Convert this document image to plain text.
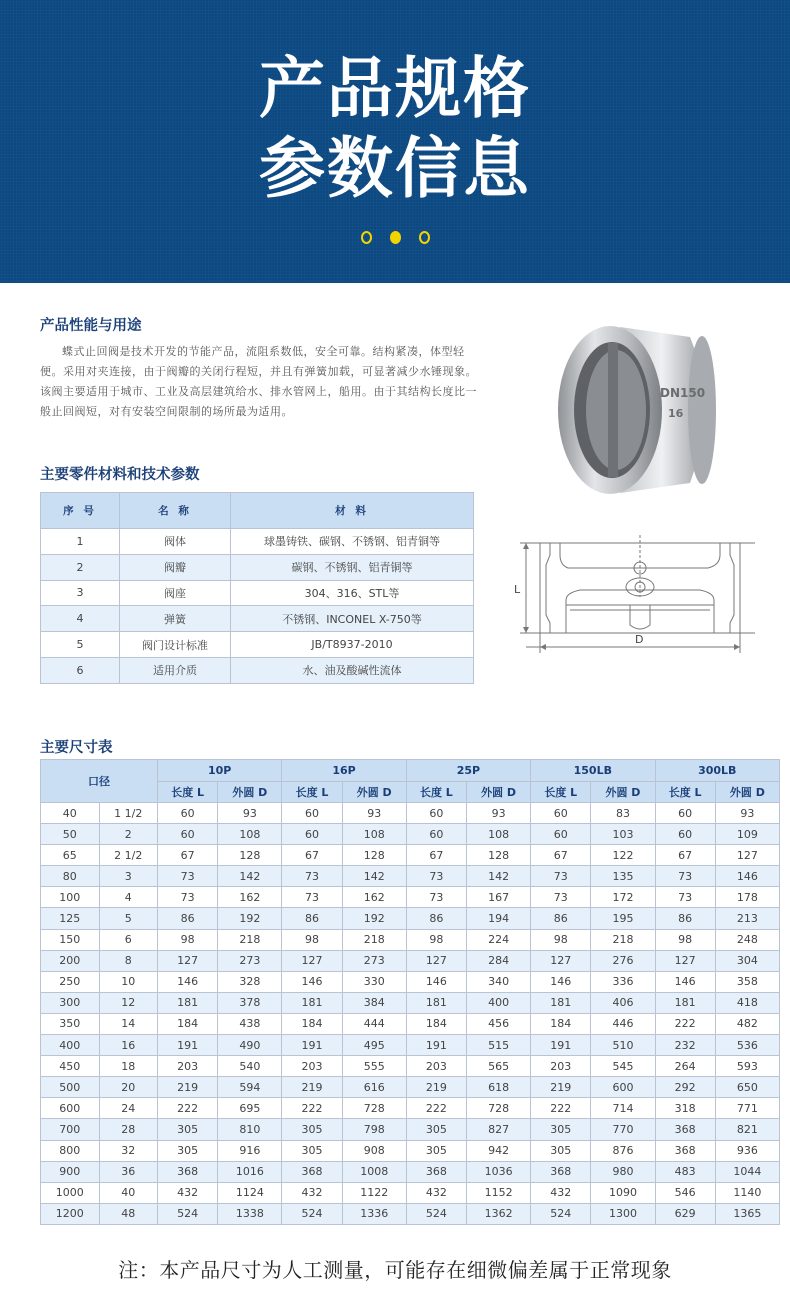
产品规格
参数信息
产品性能与用途

蝶式止回阀是技术开发的节能产品，流阻系数低，安全可靠。结构紧凑，体型轻便。采用对夹连接，由于阀瓣的关闭行程短，并且有弹簧加载，可显著减少水锤现象。该阀主要适用于城市、工业及高层建筑给水、排水管网上，船用。由于其结构长度比一般止回阀短，对有安装空间限制的场所最为适用。

DN150
16
L
D
主要零件材料和技术参数
序 号	名 称	材 料
1	阀体	球墨铸铁、碳钢、不锈钢、铝青铜等
2	阀瓣	碳钢、不锈钢、铝青铜等
3	阀座	304、316、STL等
4	弹簧	不锈钢、INCONEL X-750等
5	阀门设计标准	JB/T8937-2010
6	适用介质	水、油及酸碱性流体
主要尺寸表
口径		10P		16P		25P		150LB		300LB	
		长度 L	外圆 D	长度 L	外圆 D	长度 L	外圆 D	长度 L	外圆 D	长度 L	外圆 D
40	1 1/2	60	93	60	93	60	93	60	83	60	93
50	2	60	108	60	108	60	108	60	103	60	109
65	2 1/2	67	128	67	128	67	128	67	122	67	127
80	3	73	142	73	142	73	142	73	135	73	146
100	4	73	162	73	162	73	167	73	172	73	178
125	5	86	192	86	192	86	194	86	195	86	213
150	6	98	218	98	218	98	224	98	218	98	248
200	8	127	273	127	273	127	284	127	276	127	304
250	10	146	328	146	330	146	340	146	336	146	358
300	12	181	378	181	384	181	400	181	406	181	418
350	14	184	438	184	444	184	456	184	446	222	482
400	16	191	490	191	495	191	515	191	510	232	536
450	18	203	540	203	555	203	565	203	545	264	593
500	20	219	594	219	616	219	618	219	600	292	650
600	24	222	695	222	728	222	728	222	714	318	771
700	28	305	810	305	798	305	827	305	770	368	821
800	32	305	916	305	908	305	942	305	876	368	936
900	36	368	1016	368	1008	368	1036	368	980	483	1044
1000	40	432	1124	432	1122	432	1152	432	1090	546	1140
1200	48	524	1338	524	1336	524	1362	524	1300	629	1365
注：本产品尺寸为人工测量，可能存在细微偏差属于正常现象
